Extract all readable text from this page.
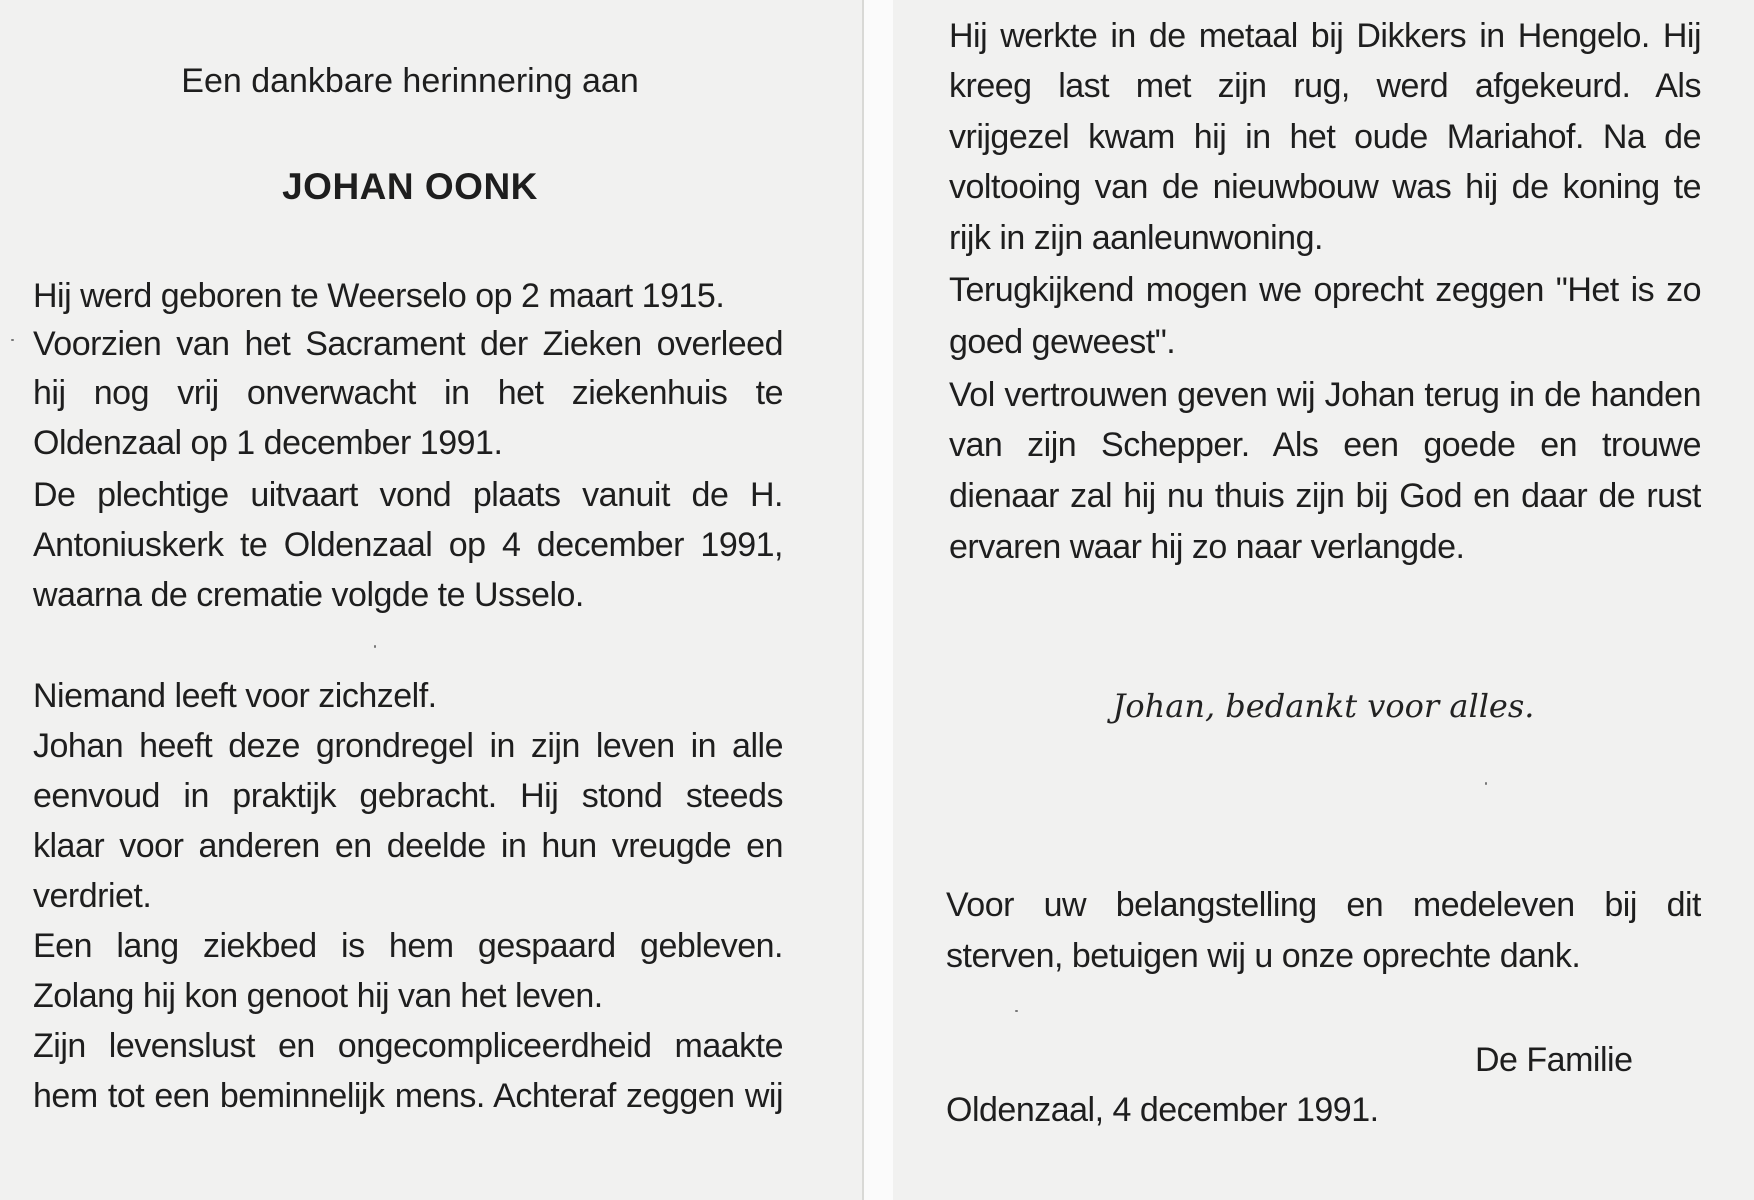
Een dankbare herinnering aan
JOHAN OONK
Hij werd geboren te Weerselo op 2 maart 1915.
Voorzien van het Sacrament der Zieken overleed
hij nog vrij onverwacht in het ziekenhuis te
Oldenzaal op 1 december 1991.
De plechtige uitvaart vond plaats vanuit de H.
Antoniuskerk te Oldenzaal op 4 december 1991,
waarna de crematie volgde te Usselo.
Niemand leeft voor zichzelf.
Johan heeft deze grondregel in zijn leven in alle
eenvoud in praktijk gebracht. Hij stond steeds
klaar voor anderen en deelde in hun vreugde en
verdriet.
Een lang ziekbed is hem gespaard gebleven.
Zolang hij kon genoot hij van het leven.
Zijn levenslust en ongecompliceerdheid maakte
hem tot een beminnelijk mens. Achteraf zeggen wij
Hij werkte in de metaal bij Dikkers in Hengelo. Hij
kreeg last met zijn rug, werd afgekeurd. Als
vrijgezel kwam hij in het oude Mariahof. Na de
voltooing van de nieuwbouw was hij de koning te
rijk in zijn aanleunwoning.
Terugkijkend mogen we oprecht zeggen "Het is zo
goed geweest".
Vol vertrouwen geven wij Johan terug in de handen
van zijn Schepper. Als een goede en trouwe
dienaar zal hij nu thuis zijn bij God en daar de rust
ervaren waar hij zo naar verlangde.
Johan, bedankt voor alles.
Voor uw belangstelling en medeleven bij dit
sterven, betuigen wij u onze oprechte dank.
De Familie
Oldenzaal, 4 december 1991.
